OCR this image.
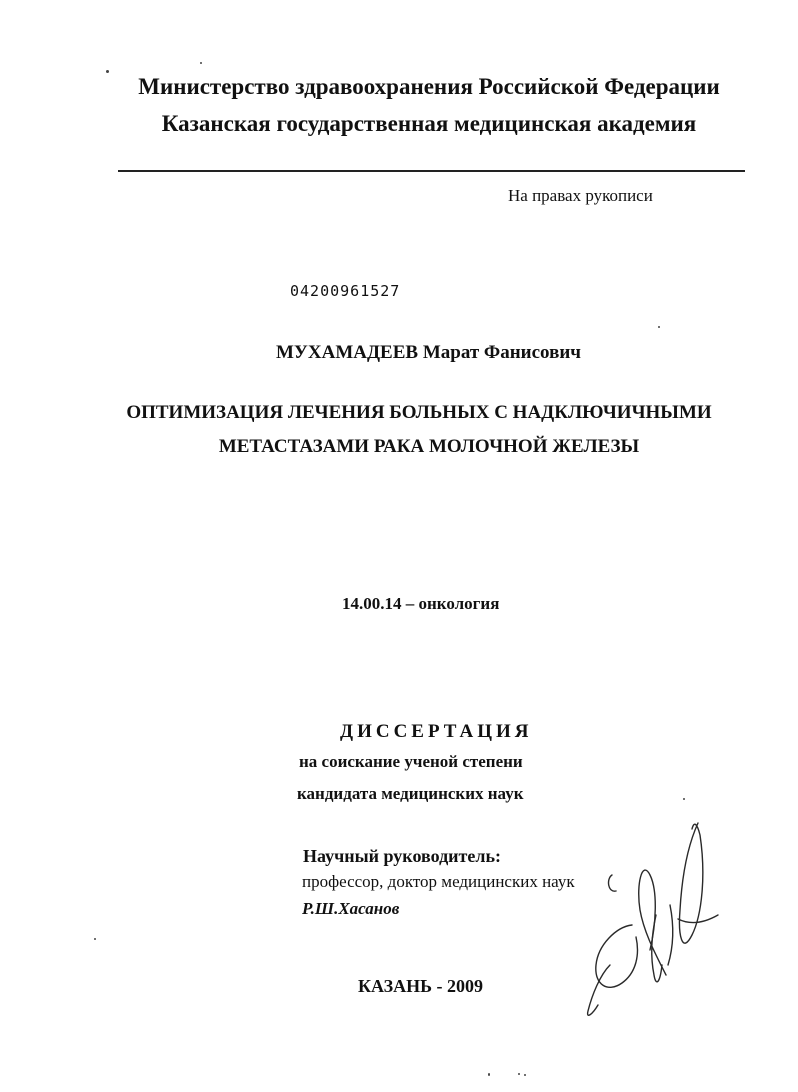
Министерство здравоохранения Российской Федерации
Казанская государственная медицинская академия
На правах рукописи
04200961527
МУХАМАДЕЕВ Марат Фанисович
ОПТИМИЗАЦИЯ ЛЕЧЕНИЯ БОЛЬНЫХ С НАДКЛЮЧИЧНЫМИ
МЕТАСТАЗАМИ РАКА МОЛОЧНОЙ ЖЕЛЕЗЫ
14.00.14 – онкология
ДИССЕРТАЦИЯ
на соискание ученой степени
кандидата медицинских наук
Научный руководитель:
профессор, доктор медицинских наук
Р.Ш.Хасанов
КАЗАНЬ - 2009
